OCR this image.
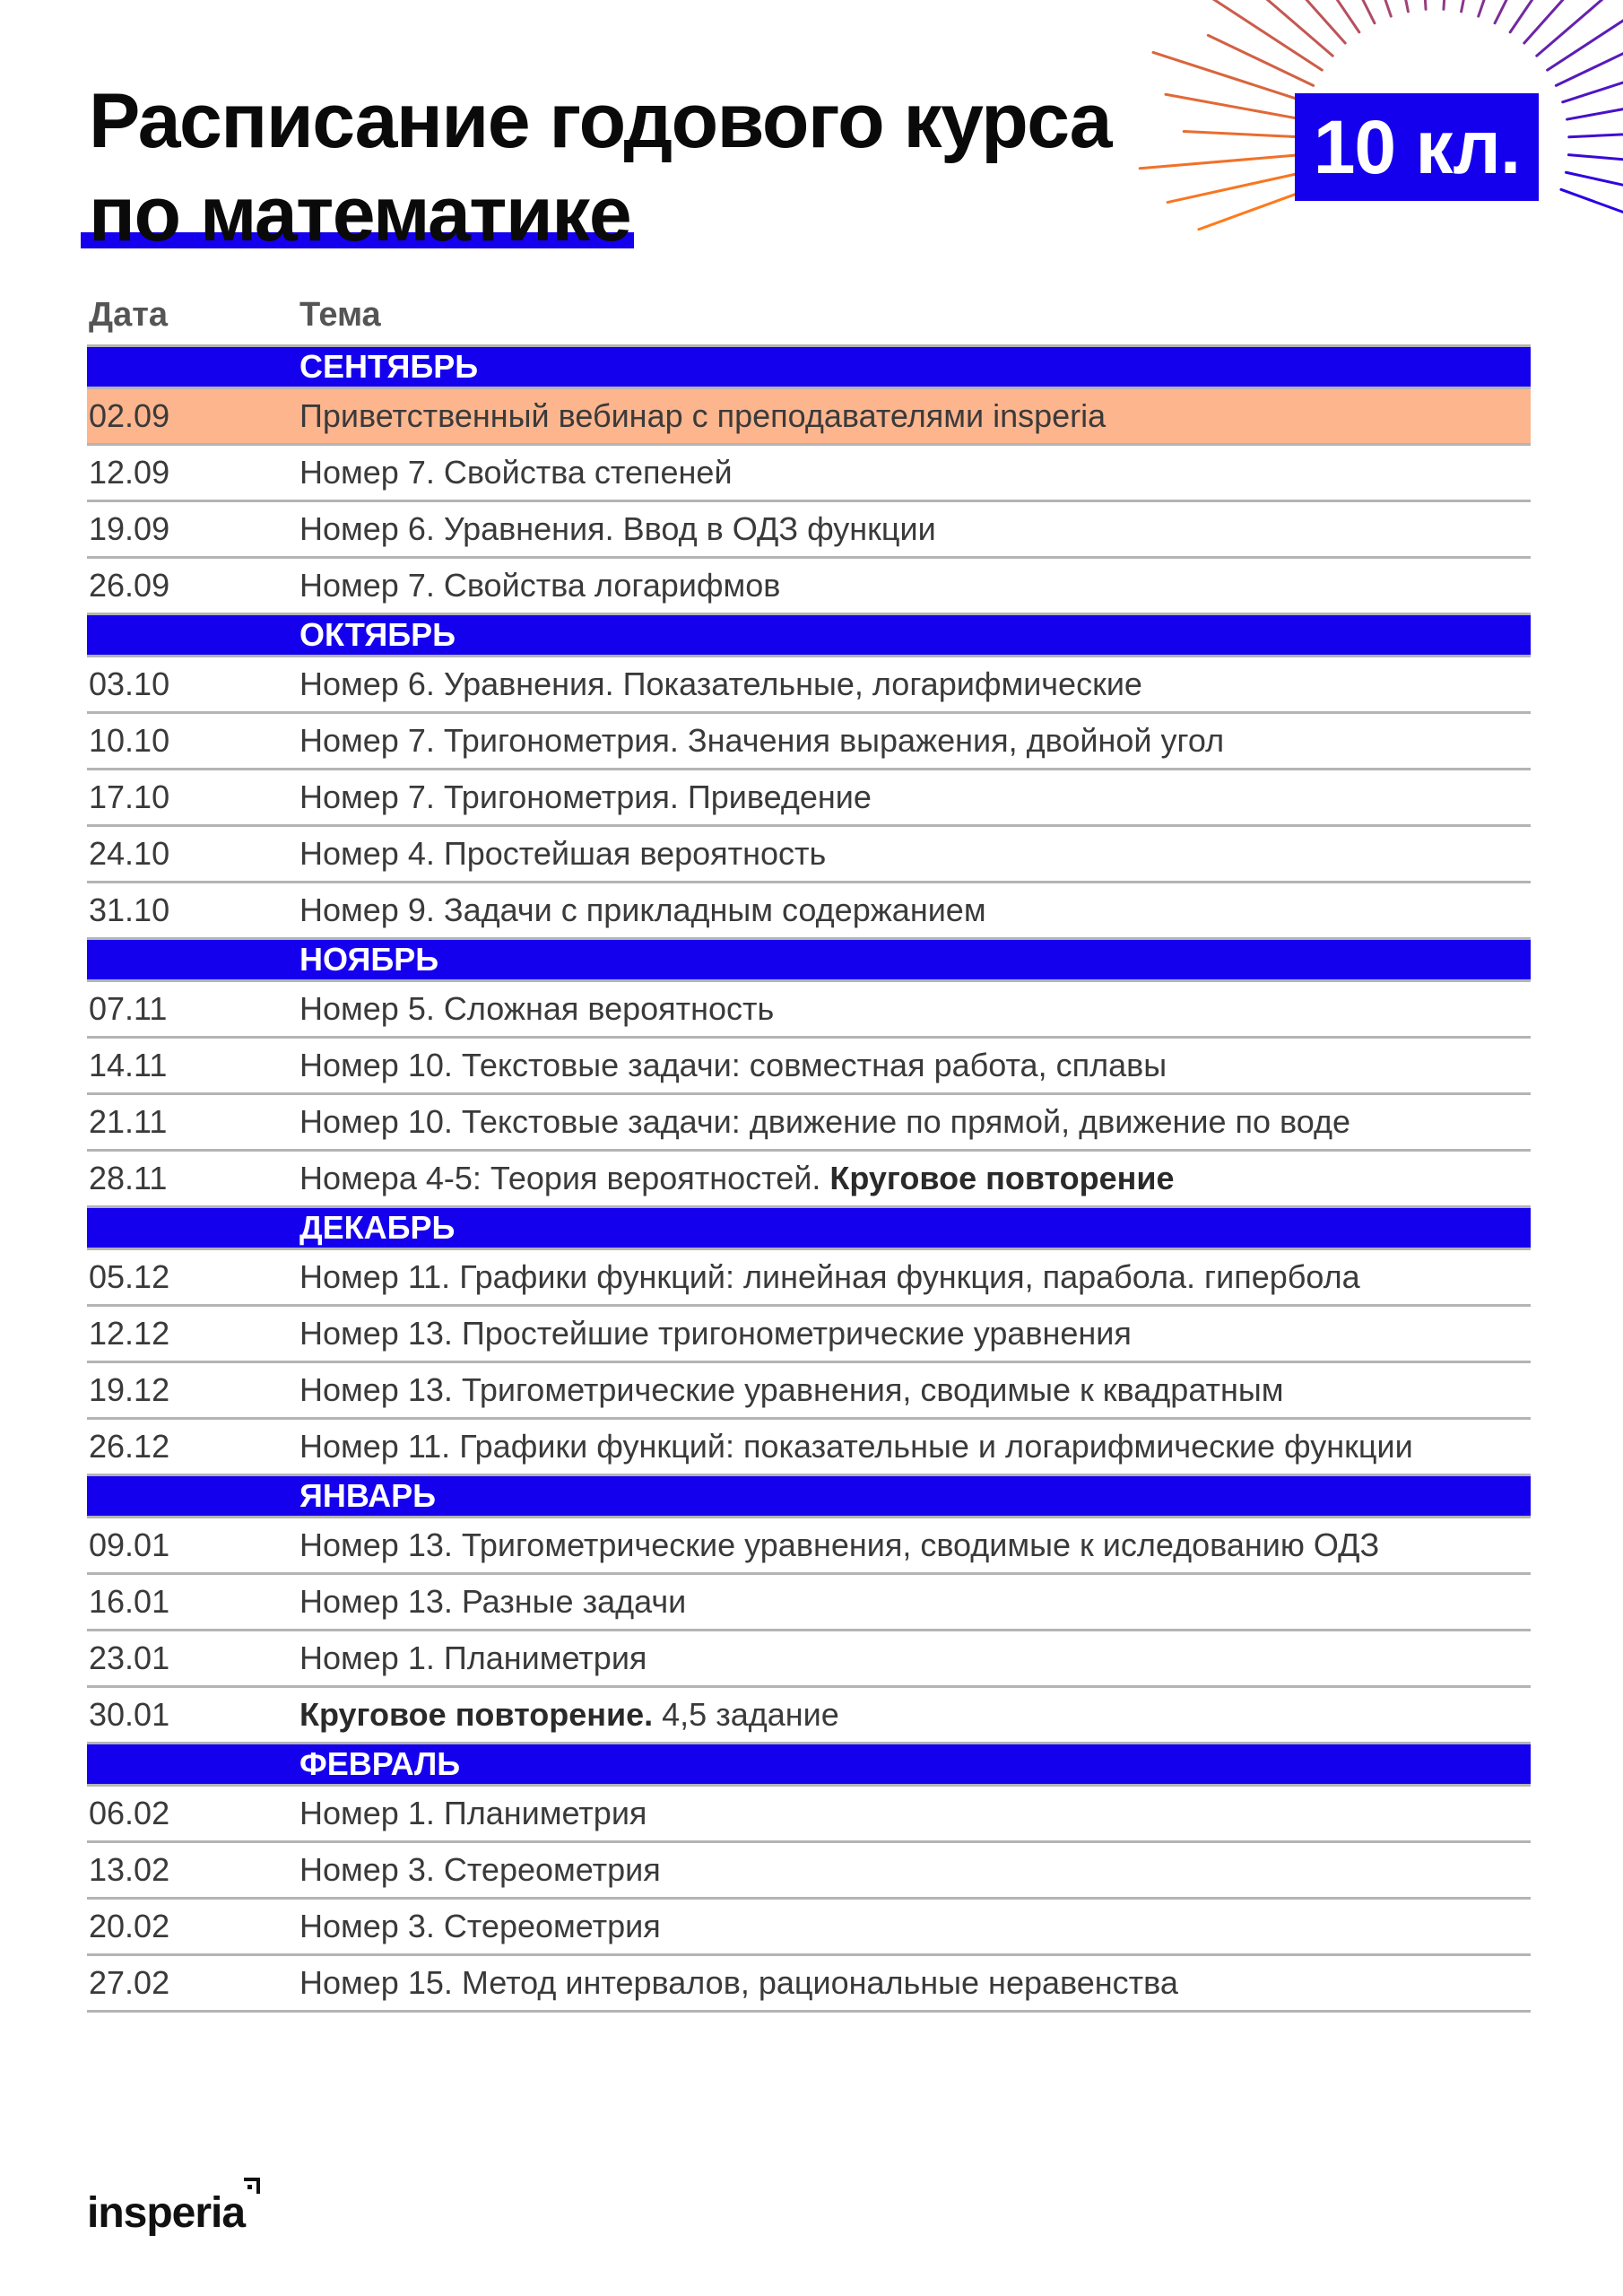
Расписание годового курса
по математике
10 кл.
Дата	Тема
СЕНТЯБРЬ
02.09	Приветственный вебинар с преподавателями insperia
12.09	Номер 7. Свойства степеней
19.09	Номер 6. Уравнения. Ввод в ОДЗ функции
26.09	Номер 7. Свойства логарифмов
ОКТЯБРЬ
03.10	Номер 6. Уравнения. Показательные, логарифмические
10.10	Номер 7. Тригонометрия. Значения выражения, двойной угол
17.10	Номер 7. Тригонометрия. Приведение
24.10	Номер 4. Простейшая вероятность
31.10	Номер 9. Задачи с прикладным содержанием
НОЯБРЬ
07.11	Номер 5. Сложная вероятность
14.11	Номер 10. Текстовые задачи: совместная работа, сплавы
21.11	Номер 10. Текстовые задачи: движение по прямой, движение по воде
28.11	Номера 4-5: Теория вероятностей. Круговое повторение
ДЕКАБРЬ
05.12	Номер 11. Графики функций: линейная функция, парабола. гипербола
12.12	Номер 13. Простейшие тригонометрические уравнения
19.12	Номер 13. Тригометрические уравнения, сводимые к квадратным
26.12	Номер 11. Графики функций: показательные и логарифмические функции
ЯНВАРЬ
09.01	Номер 13. Тригометрические уравнения, сводимые к иследованию ОДЗ
16.01	Номер 13. Разные задачи
23.01	Номер 1. Планиметрия
30.01	Круговое повторение. 4,5 задание
ФЕВРАЛЬ
06.02	Номер 1. Планиметрия
13.02	Номер 3. Стереометрия
20.02	Номер 3. Стереометрия
27.02	Номер 15. Метод интервалов, рациональные неравенства
insperia
